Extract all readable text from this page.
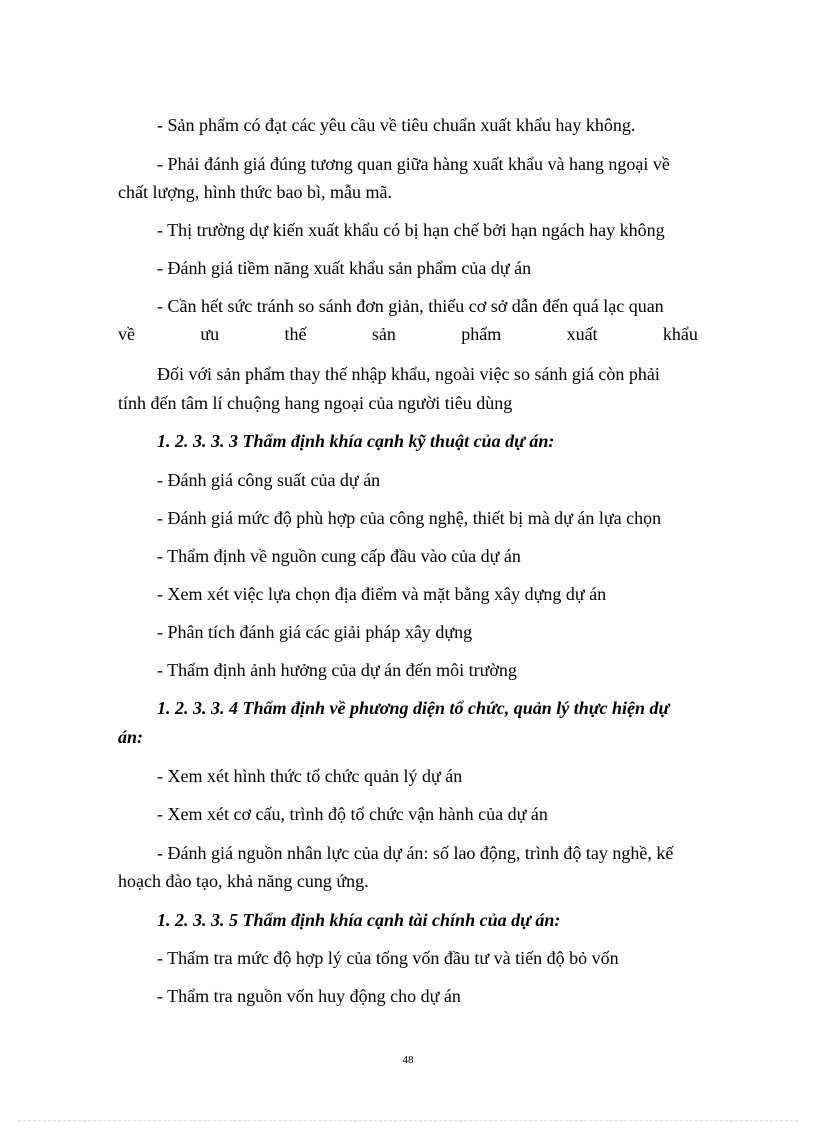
- Sản phẩm có đạt các yêu cầu về tiêu chuẩn xuất khẩu hay không.
- Phải đánh giá đúng tương quan giữa hàng xuất khẩu và hang ngoại về
chất lượng, hình thức bao bì, mẫu mã.
- Thị trường dự kiến xuất khẩu có bị hạn chế bởi hạn ngách hay không
- Đánh giá tiềm năng xuất khẩu sản phẩm của dự án
- Cần hết sức tránh so sánh đơn giản, thiếu cơ sở dẫn đến quá lạc quan
về	ưu	thế	sản	phẩm	xuất	khẩu
Đối với sản phẩm thay thế nhập khẩu, ngoài việc so sánh giá còn phải
tính đến tâm lí chuộng hang ngoại của người tiêu dùng
1. 2. 3. 3. 3 Thẩm định khía cạnh kỹ thuật của dự án:
- Đánh giá công suất của dự án
- Đánh giá mức độ phù hợp của công nghệ, thiết bị mà dự án lựa chọn
- Thẩm định về nguồn cung cấp đầu vào của dự án
- Xem xét việc lựa chọn địa điểm và mặt bằng xây dựng dự án
- Phân tích đánh giá các giải pháp xây dựng
- Thẩm định ảnh hưởng của dự án đến môi trường
1. 2. 3. 3. 4 Thẩm định về phương diện tổ chức, quản lý thực hiện dự
án:
- Xem xét hình thức tổ chức quản lý dự án
- Xem xét cơ cấu, trình độ tổ chức vận hành của dự án
- Đánh giá nguồn nhân lực của dự án: số lao động, trình độ tay nghề, kế
hoạch đào tạo, khả năng cung ứng.
1. 2. 3. 3. 5 Thẩm định khía cạnh tài chính của dự án:
- Thẩm tra mức độ hợp lý của tổng vốn đầu tư và tiến độ bỏ vốn
- Thẩm tra nguồn vốn huy động cho dự án
48
